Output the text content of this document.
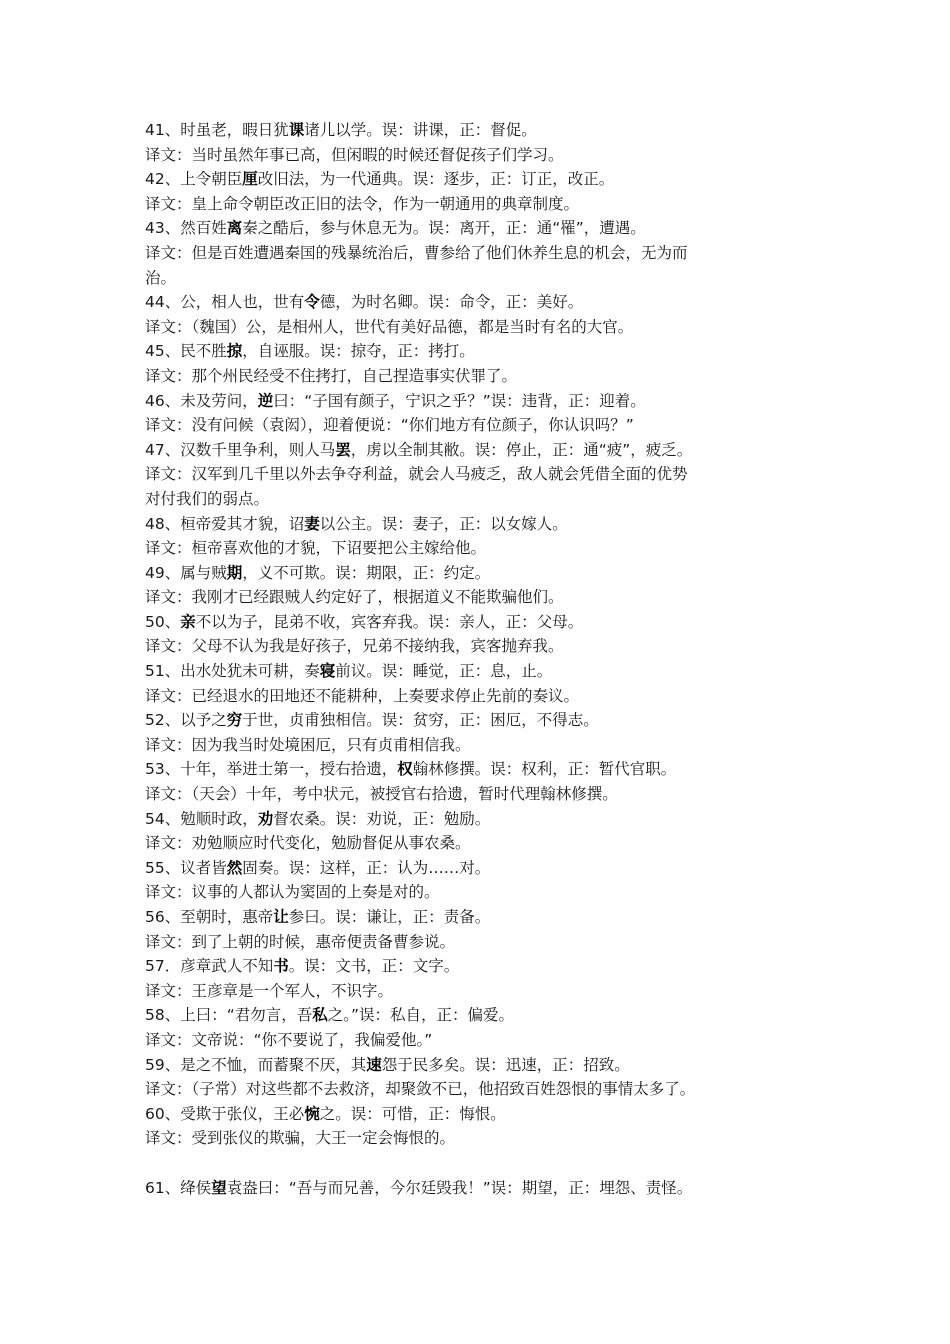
41、时虽老，暇日犹课诸儿以学。误：讲课，正：督促。
译文：当时虽然年事已高，但闲暇的时候还督促孩子们学习。
42、上令朝臣厘改旧法，为一代通典。误：逐步，正：订正，改正。
译文：皇上命令朝臣改正旧的法令，作为一朝通用的典章制度。
43、然百姓离秦之酷后，参与休息无为。误：离开，正：通“罹”，遭遇。
译文：但是百姓遭遇秦国的残暴统治后，曹参给了他们休养生息的机会，无为而
治。
44、公，相人也，世有令德，为时名卿。误：命令，正：美好。
译文：（魏国）公，是相州人，世代有美好品德，都是当时有名的大官。
45、民不胜掠，自诬服。误：掠夺，正：拷打。
译文：那个州民经受不住拷打，自己捏造事实伏罪了。
46、未及劳问，逆曰：“子国有颜子，宁识之乎？”误：违背，正：迎着。
译文：没有问候（袁闳），迎着便说：“你们地方有位颜子，你认识吗？”
47、汉数千里争利，则人马罢，虏以全制其敝。误：停止，正：通“疲”，疲乏。
译文：汉军到几千里以外去争夺利益，就会人马疲乏，敌人就会凭借全面的优势
对付我们的弱点。
48、桓帝爱其才貌，诏妻以公主。误：妻子，正：以女嫁人。
译文：桓帝喜欢他的才貌，下诏要把公主嫁给他。
49、属与贼期，义不可欺。误：期限，正：约定。
译文：我刚才已经跟贼人约定好了，根据道义不能欺骗他们。
50、亲不以为子，昆弟不收，宾客弃我。误：亲人，正：父母。
译文：父母不认为我是好孩子，兄弟不接纳我，宾客抛弃我。
51、出水处犹未可耕，奏寝前议。误：睡觉，正：息，止。
译文：已经退水的田地还不能耕种，上奏要求停止先前的奏议。
52、以予之穷于世，贞甫独相信。误：贫穷，正：困厄，不得志。
译文：因为我当时处境困厄，只有贞甫相信我。
53、十年，举进士第一，授右拾遗，权翰林修撰。误：权利，正：暂代官职。
译文：（天会）十年，考中状元，被授官右拾遗，暂时代理翰林修撰。
54、勉顺时政，劝督农桑。误：劝说，正：勉励。
译文：劝勉顺应时代变化，勉励督促从事农桑。
55、议者皆然固奏。误：这样，正：认为……对。
译文：议事的人都认为窦固的上奏是对的。
56、至朝时，惠帝让参曰。误：谦让，正：责备。
译文：到了上朝的时候，惠帝便责备曹参说。
57．彦章武人不知书。误：文书，正：文字。
译文：王彦章是一个军人，不识字。
58、上曰：“君勿言，吾私之。”误：私自，正：偏爱。
译文：文帝说：“你不要说了，我偏爱他。”
59、是之不恤，而蓄聚不厌，其速怨于民多矣。误：迅速，正：招致。
译文：（子常）对这些都不去救济，却聚敛不已，他招致百姓怨恨的事情太多了。
60、受欺于张仪，王必惋之。误：可惜，正：悔恨。
译文：受到张仪的欺骗，大王一定会悔恨的。
61、绛侯望袁盎曰：“吾与而兄善，今尔廷毁我！”误：期望，正：埋怨、责怪。
